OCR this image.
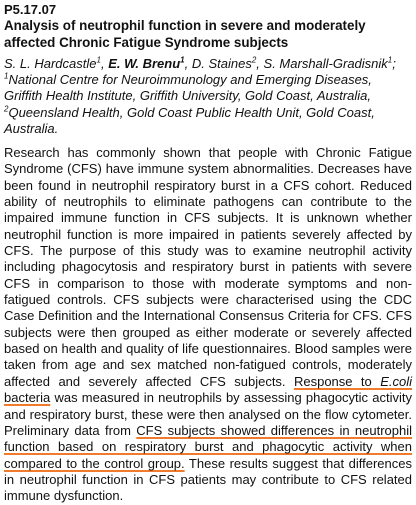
P5.17.07

Analysis of neutrophil function in severe and moderately affected Chronic Fatigue Syndrome subjects

S. L. Hardcastle$^1$, E. W. Brenu$^1$, D. Staines$^2$, S. Marshall-Gradisnik$^1$;
$^1$National Centre for Neuroimmunology and Emerging Diseases, Griffith Health Institute, Griffith University, Gold Coast, Australia,
$^2$Queensland Health, Gold Coast Public Health Unit, Gold Coast, Australia.

Research has commonly shown that people with Chronic Fatigue Syndrome (CFS) have immune system abnormalities. Decreases have been found in neutrophil respiratory burst in a CFS cohort. Reduced ability of neutrophils to eliminate pathogens can contribute to the impaired immune function in CFS subjects. It is unknown whether neutrophil function is more impaired in patients severely affected by CFS. The purpose of this study was to examine neutrophil activity including phagocytosis and respiratory burst in patients with severe CFS in comparison to those with moderate symptoms and non-fatigued controls. CFS subjects were characterised using the CDC Case Definition and the International Consensus Criteria for CFS. CFS subjects were then grouped as either moderate or severely affected based on health and quality of life questionnaires. Blood samples were taken from age and sex matched non-fatigued controls, moderately affected and severely affected CFS subjects. Response to E.coli bacteria was measured in neutrophils by assessing phagocytic activity and respiratory burst, these were then analysed on the flow cytometer. Preliminary data from CFS subjects showed differences in neutrophil function based on respiratory burst and phagocytic activity when compared to the control group. These results suggest that differences in neutrophil function in CFS patients may contribute to CFS related immune dysfunction.
